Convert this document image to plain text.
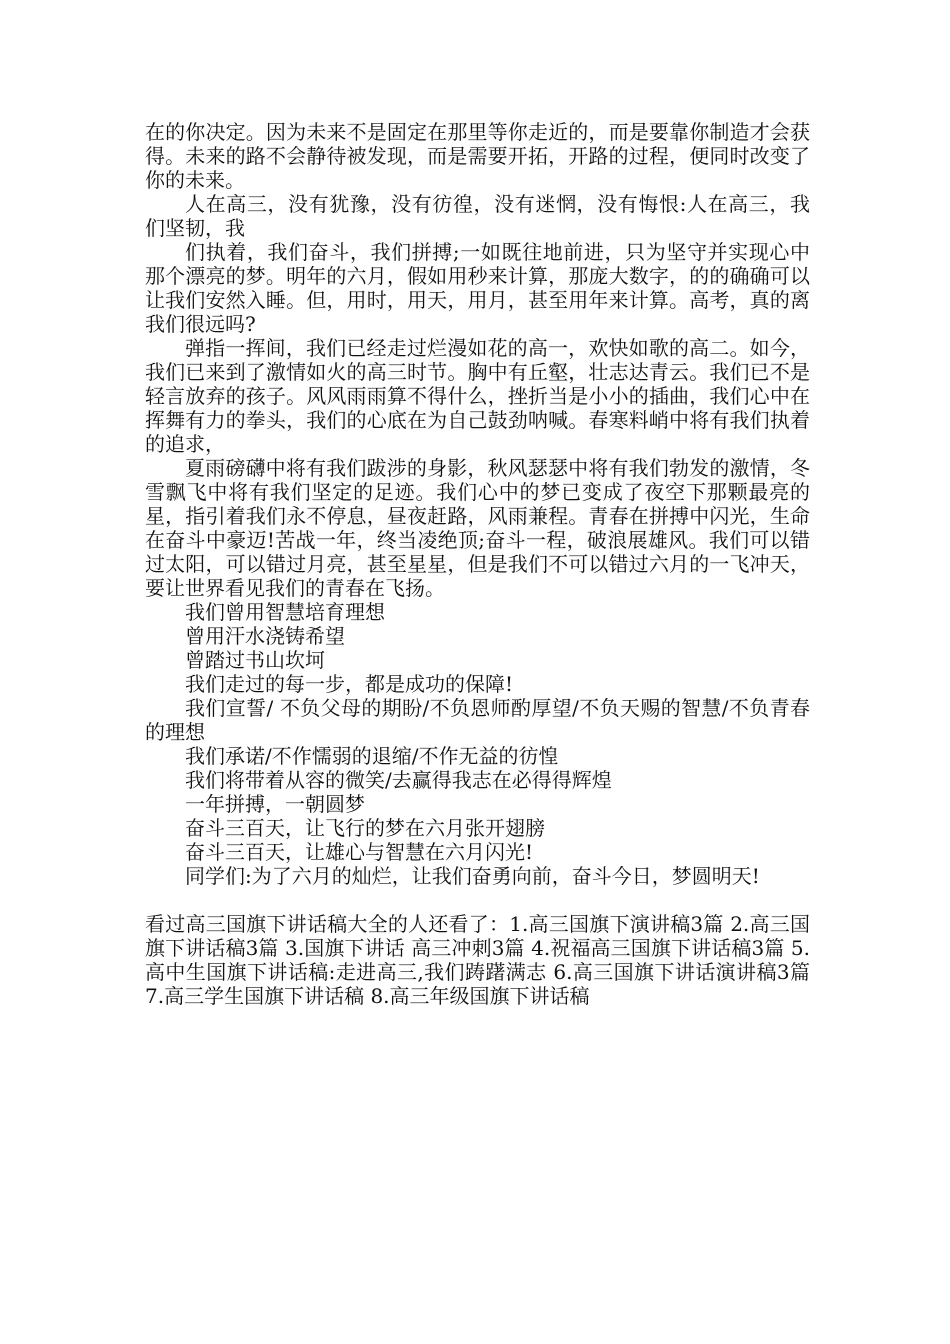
在的你决定。因为未来不是固定在那里等你走近的，而是要靠你制造才会获得。未来的路不会静待被发现，而是需要开拓，开路的过程，便同时改变了你的未来。

人在高三，没有犹豫，没有彷徨，没有迷惘，没有悔恨:人在高三，我们坚韧，我

们执着，我们奋斗，我们拼搏;一如既往地前进，只为坚守并实现心中那个漂亮的梦。明年的六月，假如用秒来计算，那庞大数字，的的确确可以让我们安然入睡。但，用时，用天，用月，甚至用年来计算。高考，真的离我们很远吗?

弹指一挥间，我们已经走过烂漫如花的高一，欢快如歌的高二。如今，我们已来到了激情如火的高三时节。胸中有丘壑，壮志达青云。我们已不是轻言放弃的孩子。风风雨雨算不得什么，挫折当是小小的插曲，我们心中在挥舞有力的拳头，我们的心底在为自己鼓劲呐喊。春寒料峭中将有我们执着的追求，

夏雨磅礴中将有我们跋涉的身影，秋风瑟瑟中将有我们勃发的激情，冬雪飘飞中将有我们坚定的足迹。我们心中的梦已变成了夜空下那颗最亮的星，指引着我们永不停息，昼夜赶路，风雨兼程。青春在拼搏中闪光，生命在奋斗中豪迈!苦战一年，终当凌绝顶;奋斗一程，破浪展雄风。我们可以错过太阳，可以错过月亮，甚至星星，但是我们不可以错过六月的一飞冲天，要让世界看见我们的青春在飞扬。

我们曾用智慧培育理想

曾用汗水浇铸希望

曾踏过书山坎坷

我们走过的每一步，都是成功的保障!

我们宣誓/ 不负父母的期盼/不负恩师酌厚望/不负天赐的智慧/不负青春的理想

我们承诺/不作懦弱的退缩/不作无益的彷惶

我们将带着从容的微笑/去赢得我志在必得得辉煌

一年拼搏，一朝圆梦

奋斗三百天，让飞行的梦在六月张开翅膀

奋斗三百天，让雄心与智慧在六月闪光!

同学们:为了六月的灿烂，让我们奋勇向前，奋斗今日，梦圆明天!

看过高三国旗下讲话稿大全的人还看了：1.高三国旗下演讲稿3篇 2.高三国旗下讲话稿3篇 3.国旗下讲话 高三冲刺3篇 4.祝福高三国旗下讲话稿3篇 5.高中生国旗下讲话稿:走进高三,我们踌躇满志 6.高三国旗下讲话演讲稿3篇 7.高三学生国旗下讲话稿 8.高三年级国旗下讲话稿
